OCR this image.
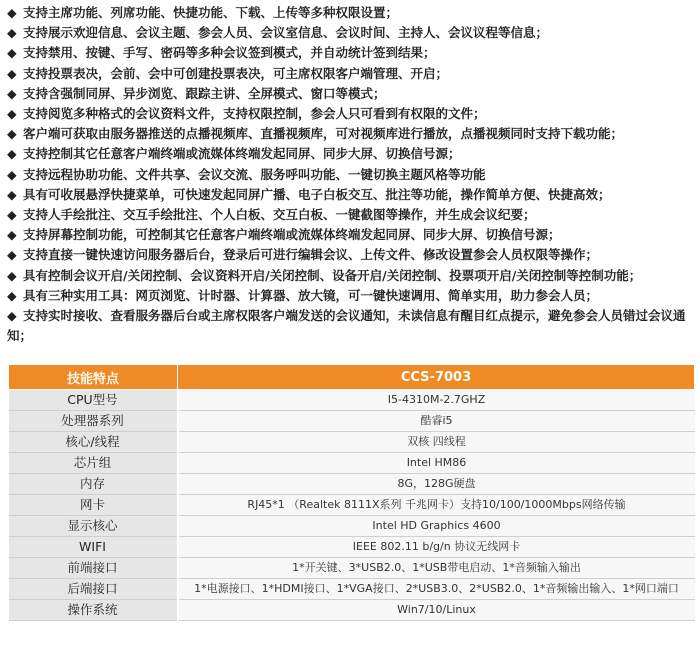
◆ 支持主席功能、列席功能、快捷功能、下载、上传等多种权限设置；

◆ 支持展示欢迎信息、会议主题、参会人员、会议室信息、会议时间、主持人、会议议程等信息；

◆ 支持禁用、按键、手写、密码等多种会议签到模式，并自动统计签到结果；

◆ 支持投票表决，会前、会中可创建投票表决，可主席权限客户端管理、开启；

◆ 支持含强制同屏、异步浏览、跟踪主讲、全屏模式、窗口等模式；

◆ 支持阅览多种格式的会议资料文件，支持权限控制，参会人只可看到有权限的文件；

◆ 客户端可获取由服务器推送的点播视频库、直播视频库，可对视频库进行播放，点播视频同时支持下载功能；

◆ 支持控制其它任意客户端终端或流媒体终端发起同屏、同步大屏、切换信号源；

◆ 支持远程协助功能、文件共享、会议交流、服务呼叫功能、一键切换主题风格等功能

◆ 具有可收展悬浮快捷菜单，可快速发起同屏广播、电子白板交互、批注等功能，操作简单方便、快捷高效；

◆ 支持人手绘批注、交互手绘批注、个人白板、交互白板、一键截图等操作，并生成会议纪要；

◆ 支持屏幕控制功能，可控制其它任意客户端终端或流媒体终端发起同屏、同步大屏、切换信号源；

◆ 支持直接一键快速访问服务器后台，登录后可进行编辑会议、上传文件、修改设置参会人员权限等操作；

◆ 具有控制会议开启/关闭控制、会议资料开启/关闭控制、设备开启/关闭控制、投票项开启/关闭控制等控制功能；

◆ 具有三种实用工具：网页浏览、计时器、计算器、放大镜，可一键快速调用、简单实用，助力参会人员；

◆ 支持实时接收、查看服务器后台或主席权限客户端发送的会议通知，未读信息有醒目红点提示，避免参会人员错过会议通知；

技能特点	CCS-7003
CPU型号	I5-4310M-2.7GHZ
处理器系列	酷睿i5
核心/线程	双核 四线程
芯片组	Intel HM86
内存	8G，128G硬盘
网卡	RJ45*1 （Realtek 8111X系列 千兆网卡）支持10/100/1000Mbps网络传输
显示核心	Intel HD Graphics 4600
WIFI	IEEE 802.11 b/g/n 协议无线网卡
前端接口	1*开关键、3*USB2.0、1*USB带电启动、1*音频输入输出
后端接口	1*电源接口、1*HDMI接口、1*VGA接口、2*USB3.0、2*USB2.0、1*音频输出输入、1*网口端口
操作系统	Win7/10/Linux
